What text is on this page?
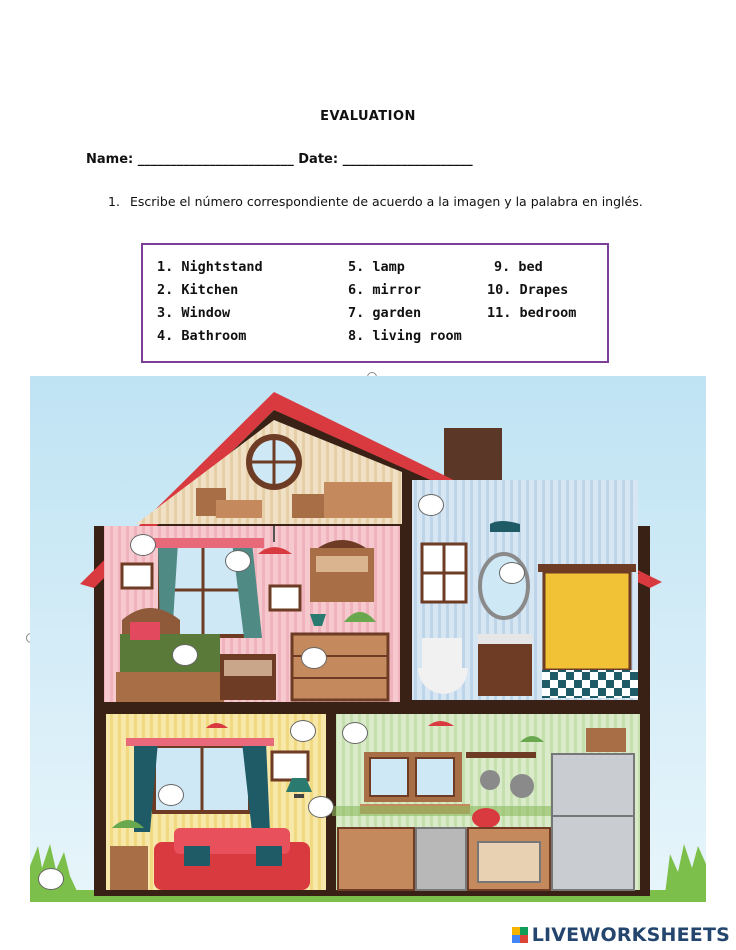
EVALUATION
Name: ________________________ Date: ____________________
1. Escribe el número correspondiente de acuerdo a la imagen y la palabra en inglés.
1. Nightstand
2. Kitchen
3. Window
4. Bathroom
5. lamp
6. mirror
7. garden
8. living room
9. bed
10. Drapes
11. bedroom
LIVEWORKSHEETS
